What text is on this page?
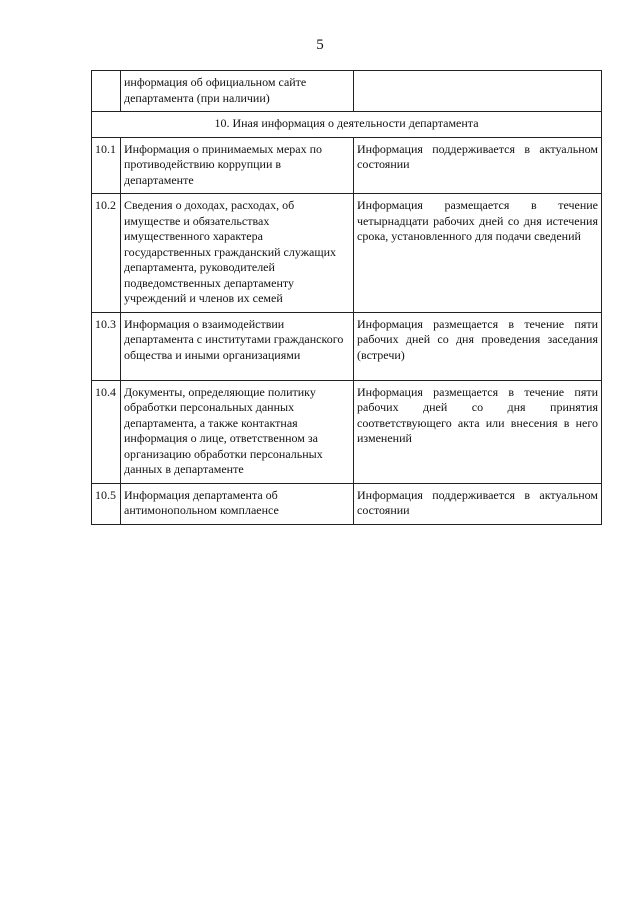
5
	информация об официальном сайте департамента (при наличии)	
10. Иная информация о деятельности департамента		
10.1	Информация о принимаемых мерах по противодействию коррупции в департаменте	Информация поддерживается в актуальном состоянии
10.2	Сведения о доходах, расходах, об имуществе и обязательствах имущественного характера государственных гражданский служащих департамента, руководителей подведомственных департаменту учреждений и членов их семей	Информация размещается в течение четырнадцати рабочих дней со дня истечения срока, установленного для подачи сведений
10.3	Информация о взаимодействии департамента с институтами гражданского общества и иными организациями	Информация размещается в течение пяти рабочих дней со дня проведения заседания (встречи)
10.4	Документы, определяющие политику обработки персональных данных департамента, а также контактная информация о лице, ответственном за организацию обработки персональных данных в департаменте	Информация размещается в течение пяти рабочих дней со дня принятия соответствующего акта или внесения в него изменений
10.5	Информация департамента об антимонопольном комплаенсе	Информация поддерживается в актуальном состоянии
